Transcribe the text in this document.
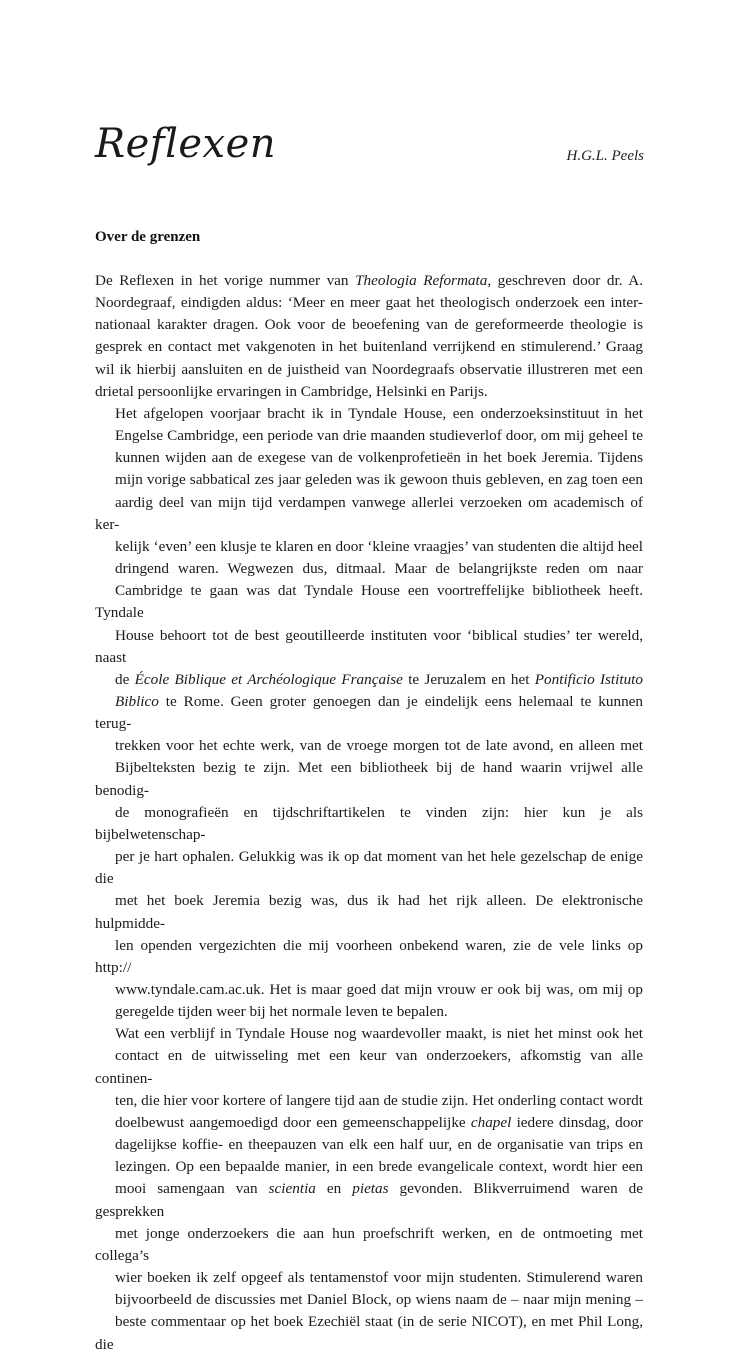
Reflexen	H.G.L. Peels
Over de grenzen

De Reflexen in het vorige nummer van Theologia Reformata, geschreven door dr. A.
Noordegraaf, eindigden aldus: ‘Meer en meer gaat het theologisch onderzoek een inter-
nationaal karakter dragen. Ook voor de beoefening van de gereformeerde theologie is
gesprek en contact met vakgenoten in het buitenland verrijkend en stimulerend.’ Graag
wil ik hierbij aansluiten en de juistheid van Noordegraafs observatie illustreren met een
drietal persoonlijke ervaringen in Cambridge, Helsinki en Parijs.

Het afgelopen voorjaar bracht ik in Tyndale House, een onderzoeksinstituut in het
Engelse Cambridge, een periode van drie maanden studieverlof door, om mij geheel te
kunnen wijden aan de exegese van de volkenprofetieën in het boek Jeremia. Tijdens
mijn vorige sabbatical zes jaar geleden was ik gewoon thuis gebleven, en zag toen een
aardig deel van mijn tijd verdampen vanwege allerlei verzoeken om academisch of ker-
kelijk ‘even’ een klusje te klaren en door ‘kleine vraagjes’ van studenten die altijd heel
dringend waren. Wegwezen dus, ditmaal. Maar de belangrijkste reden om naar
Cambridge te gaan was dat Tyndale House een voortreffelijke bibliotheek heeft. Tyndale
House behoort tot de best geoutilleerde instituten voor ‘biblical studies’ ter wereld, naast
de École Biblique et Archéologique Française te Jeruzalem en het Pontificio Istituto
Biblico te Rome. Geen groter genoegen dan je eindelijk eens helemaal te kunnen terug-
trekken voor het echte werk, van de vroege morgen tot de late avond, en alleen met
Bijbelteksten bezig te zijn. Met een bibliotheek bij de hand waarin vrijwel alle benodig-
de monografieën en tijdschriftartikelen te vinden zijn: hier kun je als bijbelwetenschap-
per je hart ophalen. Gelukkig was ik op dat moment van het hele gezelschap de enige die
met het boek Jeremia bezig was, dus ik had het rijk alleen. De elektronische hulpmidde-
len openden vergezichten die mij voorheen onbekend waren, zie de vele links op http://
www.tyndale.cam.ac.uk. Het is maar goed dat mijn vrouw er ook bij was, om mij op
geregelde tijden weer bij het normale leven te bepalen.

Wat een verblijf in Tyndale House nog waardevoller maakt, is niet het minst ook het
contact en de uitwisseling met een keur van onderzoekers, afkomstig van alle continen-
ten, die hier voor kortere of langere tijd aan de studie zijn. Het onderling contact wordt
doelbewust aangemoedigd door een gemeenschappelijke chapel iedere dinsdag, door
dagelijkse koffie- en theepauzen van elk een half uur, en de organisatie van trips en
lezingen. Op een bepaalde manier, in een brede evangelicale context, wordt hier een
mooi samengaan van scientia en pietas gevonden. Blikverruimend waren de gesprekken
met jonge onderzoekers die aan hun proefschrift werken, en de ontmoeting met collega’s
wier boeken ik zelf opgeef als tentamenstof voor mijn studenten. Stimulerend waren
bijvoorbeeld de discussies met Daniel Block, op wiens naam de – naar mijn mening –
beste commentaar op het boek Ezechiël staat (in de serie NICOT), en met Phil Long, die
